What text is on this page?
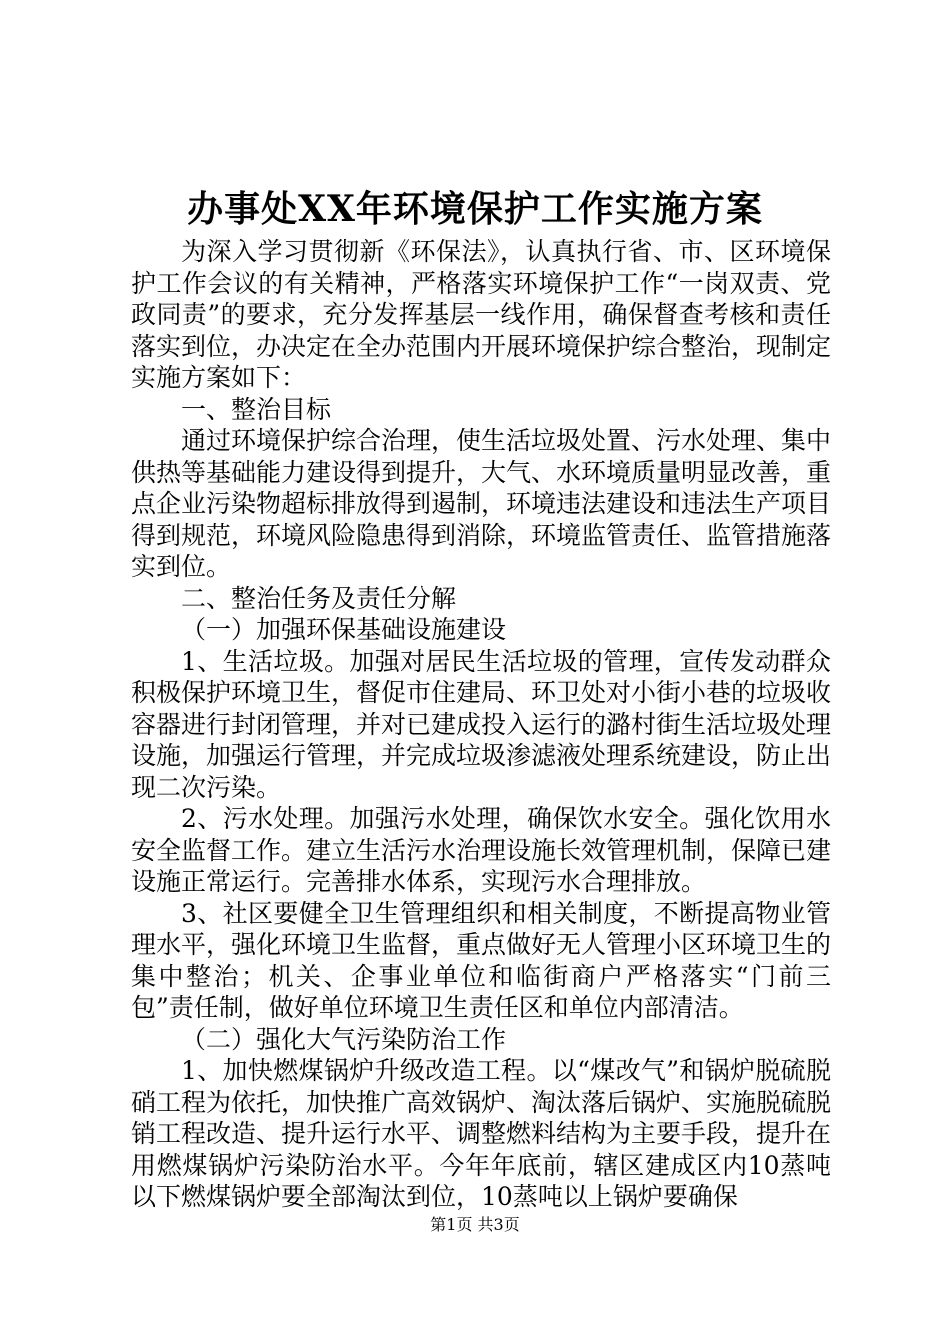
办事处XX年环境保护工作实施方案

为深入学习贯彻新《环保法》，认真执行省、市、区环境保护工作会议的有关精神，严格落实环境保护工作“一岗双责、党政同责”的要求，充分发挥基层一线作用，确保督查考核和责任落实到位，办决定在全办范围内开展环境保护综合整治，现制定实施方案如下：

一、整治目标

通过环境保护综合治理，使生活垃圾处置、污水处理、集中供热等基础能力建设得到提升，大气、水环境质量明显改善，重点企业污染物超标排放得到遏制，环境违法建设和违法生产项目得到规范，环境风险隐患得到消除，环境监管责任、监管措施落实到位。

二、整治任务及责任分解

（一）加强环保基础设施建设

1、生活垃圾。加强对居民生活垃圾的管理，宣传发动群众积极保护环境卫生，督促市住建局、环卫处对小街小巷的垃圾收容器进行封闭管理，并对已建成投入运行的潞村街生活垃圾处理设施，加强运行管理，并完成垃圾渗滤液处理系统建设，防止出现二次污染。

2、污水处理。加强污水处理，确保饮水安全。强化饮用水安全监督工作。建立生活污水治理设施长效管理机制，保障已建设施正常运行。完善排水体系，实现污水合理排放。

3、社区要健全卫生管理组织和相关制度，不断提高物业管理水平，强化环境卫生监督，重点做好无人管理小区环境卫生的集中整治；机关、企事业单位和临街商户严格落实“门前三包”责任制，做好单位环境卫生责任区和单位内部清洁。

（二）强化大气污染防治工作

1、加快燃煤锅炉升级改造工程。以“煤改气”和锅炉脱硫脱硝工程为依托，加快推广高效锅炉、淘汰落后锅炉、实施脱硫脱销工程改造、提升运行水平、调整燃料结构为主要手段，提升在用燃煤锅炉污染防治水平。今年年底前，辖区建成区内10蒸吨以下燃煤锅炉要全部淘汰到位，10蒸吨以上锅炉要确保

第1页 共3页
